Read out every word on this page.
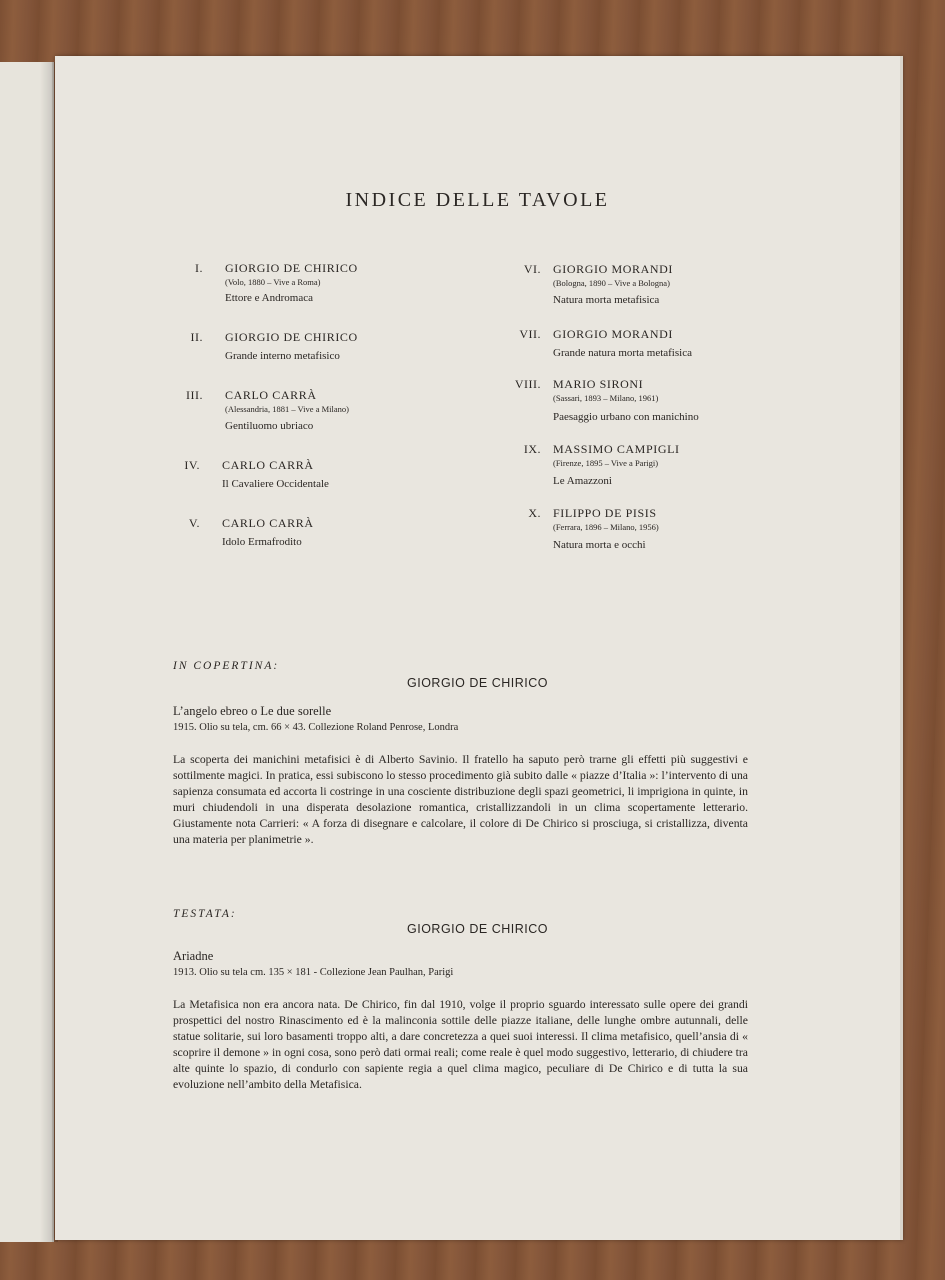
INDICE DELLE TAVOLE
I. GIORGIO DE CHIRICO
(Volo, 1880 – Vive a Roma)
Ettore e Andromaca
II. GIORGIO DE CHIRICO
Grande interno metafisico
III. CARLO CARRÀ
(Alessandria, 1881 – Vive a Milano)
Gentiluomo ubriaco
IV. CARLO CARRÀ
Il Cavaliere Occidentale
V. CARLO CARRÀ
Idolo Ermafrodito
VI. GIORGIO MORANDI
(Bologna, 1890 – Vive a Bologna)
Natura morta metafisica
VII. GIORGIO MORANDI
Grande natura morta metafisica
VIII. MARIO SIRONI
(Sassari, 1893 – Milano, 1961)
Paesaggio urbano con manichino
IX. MASSIMO CAMPIGLI
(Firenze, 1895 – Vive a Parigi)
Le Amazzoni
X. FILIPPO DE PISIS
(Ferrara, 1896 – Milano, 1956)
Natura morta e occhi
IN COPERTINA:
GIORGIO DE CHIRICO
L’angelo ebreo o Le due sorelle
1915. Olio su tela, cm. 66 × 43. Collezione Roland Penrose, Londra

La scoperta dei manichini metafisici è di Alberto Savinio. Il fratello ha saputo però trarne gli effetti più suggestivi e sottilmente magici. In pratica, essi subiscono lo stesso procedimento già subito dalle « piazze d’Italia »: l’intervento di una sapienza consumata ed accorta li costringe in una cosciente distribuzione degli spazi geometrici, li imprigiona in quinte, in muri chiudendoli in una disperata desolazione romantica, cristallizzandoli in un clima scopertamente letterario. Giustamente nota Carrieri: « A forza di disegnare e calcolare, il colore di De Chirico si prosciuga, si cristallizza, diventa una materia per planimetrie ».

TESTATA:
GIORGIO DE CHIRICO
Ariadne
1913. Olio su tela cm. 135 × 181 - Collezione Jean Paulhan, Parigi

La Metafisica non era ancora nata. De Chirico, fin dal 1910, volge il proprio sguardo interessato sulle opere dei grandi prospettici del nostro Rinascimento ed è la malinconia sottile delle piazze italiane, delle lunghe ombre autunnali, delle statue solitarie, sui loro basamenti troppo alti, a dare concretezza a quei suoi interessi. Il clima metafisico, quell’ansia di « scoprire il demone » in ogni cosa, sono però dati ormai reali; come reale è quel modo suggestivo, letterario, di chiudere tra alte quinte lo spazio, di condurlo con sapiente regia a quel clima magico, peculiare di De Chirico e di tutta la sua evoluzione nell’ambito della Metafisica.
